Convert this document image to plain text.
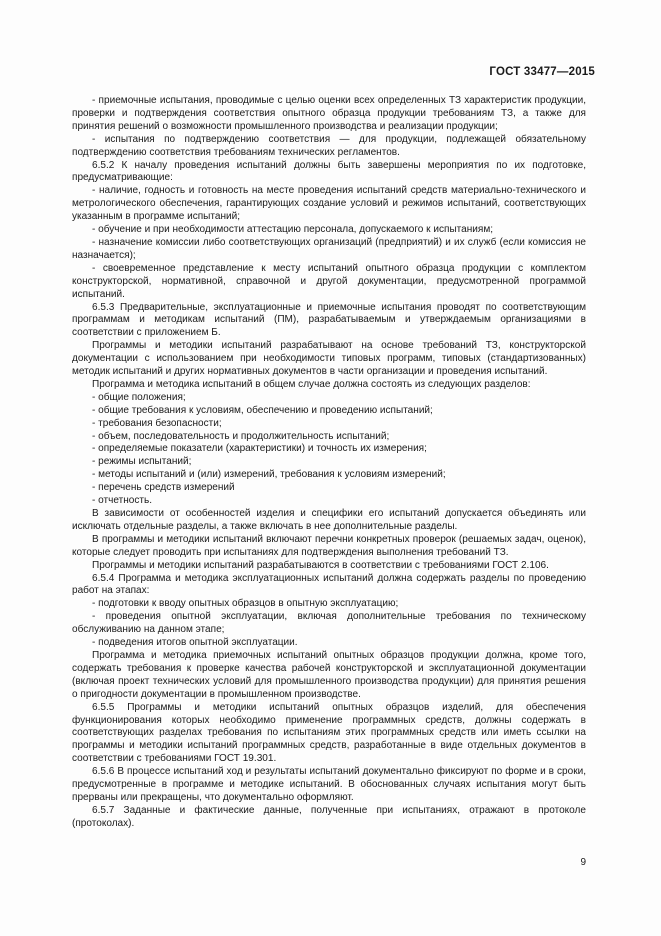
ГОСТ 33477—2015

- приемочные испытания, проводимые с целью оценки всех определенных ТЗ характеристик продукции, проверки и подтверждения соответствия опытного образца продукции требованиям ТЗ, а также для принятия решений о возможности промышленного производства и реализации продукции;

- испытания по подтверждению соответствия — для продукции, подлежащей обязательному подтверждению соответствия требованиям технических регламентов.

6.5.2 К началу проведения испытаний должны быть завершены мероприятия по их подготовке, предусматривающие:

- наличие, годность и готовность на месте проведения испытаний средств материально-технического и метрологического обеспечения, гарантирующих создание условий и режимов испытаний, соответствующих указанным в программе испытаний;

- обучение и при необходимости аттестацию персонала, допускаемого к испытаниям;

- назначение комиссии либо соответствующих организаций (предприятий) и их служб (если комиссия не назначается);

- своевременное представление к месту испытаний опытного образца продукции с комплектом конструкторской, нормативной, справочной и другой документации, предусмотренной программой испытаний.

6.5.3 Предварительные, эксплуатационные и приемочные испытания проводят по соответствующим программам и методикам испытаний (ПМ), разрабатываемым и утверждаемым организациями в соответствии с приложением Б.

Программы и методики испытаний разрабатывают на основе требований ТЗ, конструкторской документации с использованием при необходимости типовых программ, типовых (стандартизованных) методик испытаний и других нормативных документов в части организации и проведения испытаний.

Программа и методика испытаний в общем случае должна состоять из следующих разделов:

- общие положения;

- общие требования к условиям, обеспечению и проведению испытаний;

- требования безопасности;

- объем, последовательность и продолжительность испытаний;

- определяемые показатели (характеристики) и точность их измерения;

- режимы испытаний;

- методы испытаний и (или) измерений, требования к условиям измерений;

- перечень средств измерений

- отчетность.

В зависимости от особенностей изделия и специфики его испытаний допускается объединять или исключать отдельные разделы, а также включать в нее дополнительные разделы.

В программы и методики испытаний включают перечни конкретных проверок (решаемых задач, оценок), которые следует проводить при испытаниях для подтверждения выполнения требований ТЗ.

Программы и методики испытаний разрабатываются в соответствии с требованиями ГОСТ 2.106.

6.5.4 Программа и методика эксплуатационных испытаний должна содержать разделы по проведению работ на этапах:

- подготовки к вводу опытных образцов в опытную эксплуатацию;

- проведения опытной эксплуатации, включая дополнительные требования по техническому обслуживанию на данном этапе;

- подведения итогов опытной эксплуатации.

Программа и методика приемочных испытаний опытных образцов продукции должна, кроме того, содержать требования к проверке качества рабочей конструкторской и эксплуатационной документации (включая проект технических условий для промышленного производства продукции) для принятия решения о пригодности документации в промышленном производстве.

6.5.5 Программы и методики испытаний опытных образцов изделий, для обеспечения функционирования которых необходимо применение программных средств, должны содержать в соответствующих разделах требования по испытаниям этих программных средств или иметь ссылки на программы и методики испытаний программных средств, разработанные в виде отдельных документов в соответствии с требованиями ГОСТ 19.301.

6.5.6 В процессе испытаний ход и результаты испытаний документально фиксируют по форме и в сроки, предусмотренные в программе и методике испытаний. В обоснованных случаях испытания могут быть прерваны или прекращены, что документально оформляют.

6.5.7 Заданные и фактические данные, полученные при испытаниях, отражают в протоколе (протоколах).

9
